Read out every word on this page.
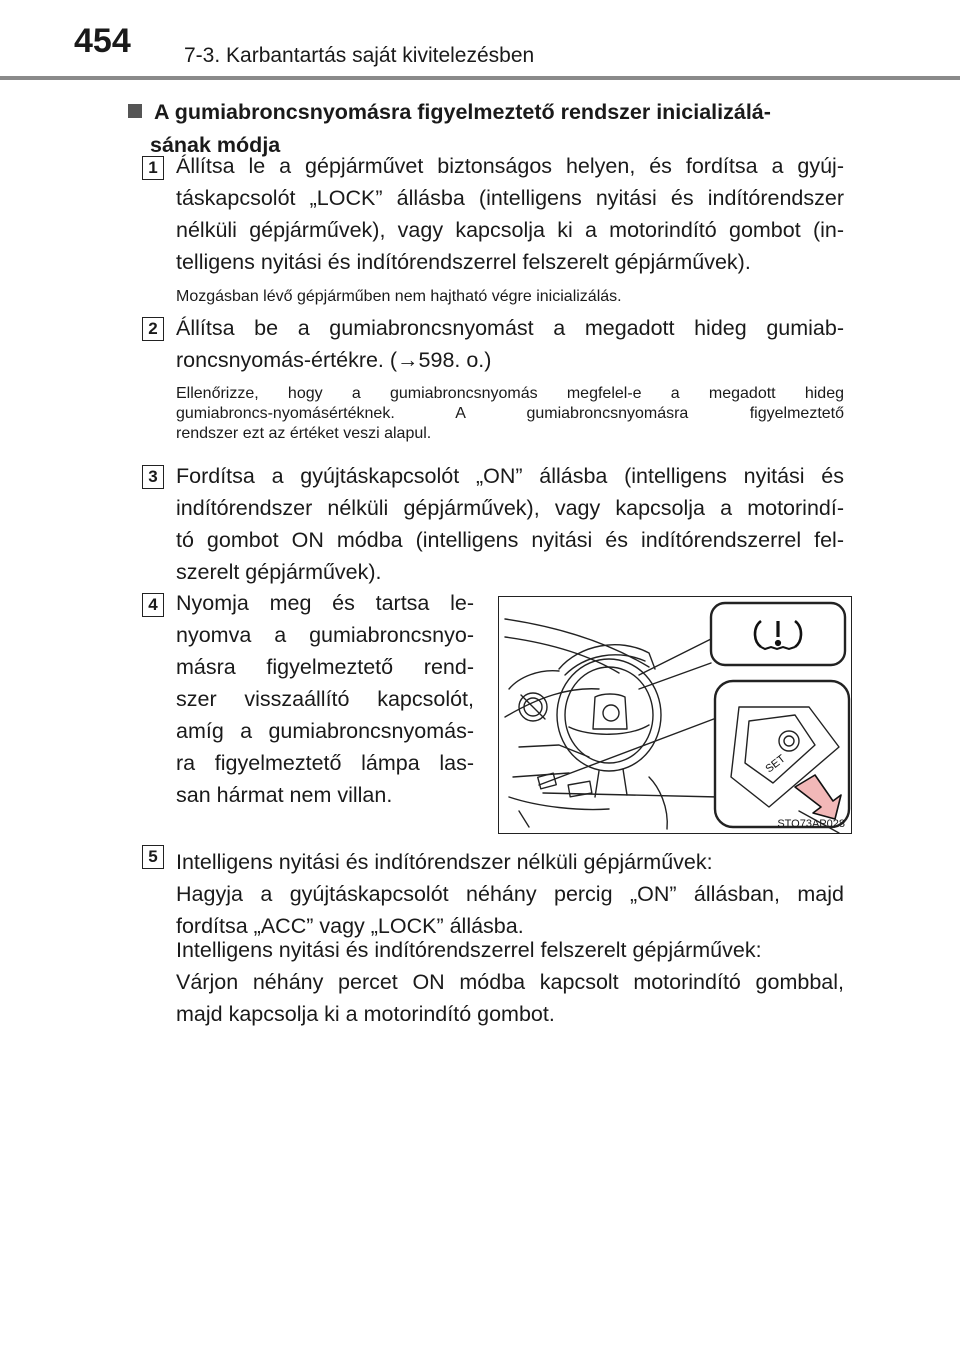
454	7-3. Karbantartás saját kivitelezésben
A gumiabroncsnyomásra figyelmeztető rendszer inicializálá-
sának módja
1 Állítsa le a gépjárművet biztonságos helyen, és fordítsa a gyúj-
táskapcsolót „LOCK” állásba (intelligens nyitási és indítórendszer
nélküli gépjárművek), vagy kapcsolja ki a motorindító gombot (in-
telligens nyitási és indítórendszerrel felszerelt gépjárművek).
Mozgásban lévő gépjárműben nem hajtható végre inicializálás.
2 Állítsa be a gumiabroncsnyomást a megadott hideg gumiab-
roncsnyomás-értékre. (→598. o.)
Ellenőrizze, hogy a gumiabroncsnyomás megfelel-e a megadott hideg
gumiabroncs-nyomásértéknek. A gumiabroncsnyomásra figyelmeztető
rendszer ezt az értéket veszi alapul.
3 Fordítsa a gyújtáskapcsolót „ON” állásba (intelligens nyitási és
indítórendszer nélküli gépjárművek), vagy kapcsolja a motorindí-
tó gombot ON módba (intelligens nyitási és indítórendszerrel fel-
szerelt gépjárművek).
4 Nyomja meg és tartsa le-
nyomva a gumiabroncsnyo-
másra figyelmeztető rend-
szer visszaállító kapcsolót,
amíg a gumiabroncsnyomás-
ra figyelmeztető lámpa las-
san hármat nem villan.
SET
STO73AP028
5 Intelligens nyitási és indítórendszer nélküli gépjárművek:
Hagyja a gyújtáskapcsolót néhány percig „ON” állásban, majd
fordítsa „ACC” vagy „LOCK” állásba.
Intelligens nyitási és indítórendszerrel felszerelt gépjárművek:
Várjon néhány percet ON módba kapcsolt motorindító gombbal,
majd kapcsolja ki a motorindító gombot.
